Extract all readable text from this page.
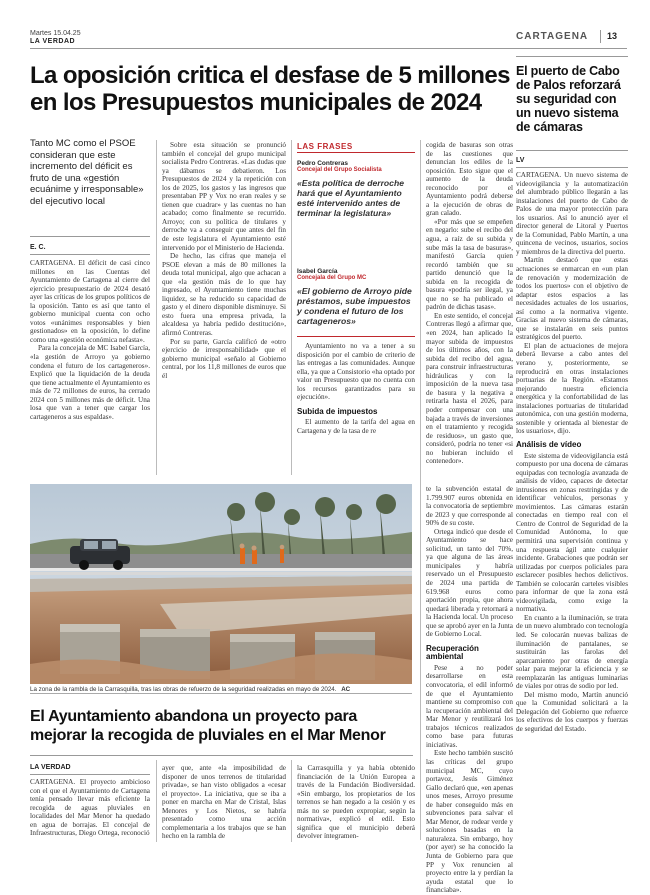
Martes 15.04.25
LA VERDAD	CARTAGENA 13
La oposición critica el desfase de 5 millones en los Presupuestos municipales de 2024
Tanto MC como el PSOE consideran que este incremento del déficit es fruto de una «gestión ecuánime y irresponsable» del ejecutivo local
E. C.

CARTAGENA. El déficit de casi cinco millones en las Cuentas del Ayuntamiento de Cartagena al cierre del ejercicio presupuestario de 2024 desató ayer las críticas de los grupos políticos de la oposición. Tanto es así que tanto el gobierno municipal cuenta con ocho votos «unánimes responsables y bien gestionados» en la oposición, lo define como una «gestión económica nefasta».

Para la concejala de MC Isabel García, «la gestión de Arroyo ya gobierno condena el futuro de los cartageneros». Explicó que la liquidación de la deuda que tiene actualmente el Ayuntamiento es más de 72 millones de euros, ha cerrado 2024 con 5 millones más de déficit. Una losa que van a tener que cargar los cartageneros a sus espaldas».

Sobre esta situación se pronunció también el concejal del grupo municipal socialista Pedro Contreras. «Las dudas que ya dábamos se debatieron. Los Presupuestos de 2024 y la repetición con los de 2025, los gastos y las ingresos que presentaban PP y Vox no eran reales y se tienen que cuadrar» y las cuentas no han acabado; como finalmente se recurrido. Arroyo; con su política de titulares y derroche va a conseguir que antes del fin de este legislatura el Ayuntamiento esté intervenido por el Ministerio de Hacienda.

De hecho, las cifras que maneja el PSOE elevan a más de 80 millones la deuda total municipal, algo que achacan a que «la gestión más de lo que hay ingresado, el Ayuntamiento tiene muchas liquidez, se ha reducido su capacidad de gasto y el dinero disponible disminuye. Si esto fuera una empresa privada, la alcaldesa ya habría pedido destitución», afirmó Contreras.

Por su parte, García calificó de «otro ejercicio de irresponsabilidad» que el gobierno municipal «señalo al Gobierno central, por los 11,8 millones de euros que él

LAS FRASES
Pedro Contreras
Concejal del Grupo Socialista
«Esta política de derroche hará que el Ayuntamiento esté intervenido antes de terminar la legislatura»
Isabel García
Concejala del Grupo MC
«El gobierno de Arroyo pide préstamos, sube impuestos y condena el futuro de los cartageneros»

Ayuntamiento no va a tener a su disposición por el cambio de criterio de las entregas a las comunidades. Aunque ella, ya que a Consistorio «ha optado por valor un Presupuesto que no cuenta con los recursos garantizados para su ejecución».

Subida de impuestos

El aumento de la tarifa del agua en Cartagena y de la tasa de re

cogida de basuras son otras de las cuestiones que denuncian los ediles de la oposición. Esto sigue que el aumento de la deuda reconocido por el Ayuntamiento podrá deberse a la ejecución de obras de gran calado.

«Por más que se empeñen en negarlo: sube el recibo del agua, a raíz de su subida y sube más la tasa de basuras», manifestó García quien recordó también que su partido denunció que la subida en la recogida de basura «podría ser ilegal, ya que no se ha publicado el padrón de dichas tasas».

En este sentido, el concejal Contreras llegó a afirmar que, «en 2024, han aplicado la mayor subida de impuestos de los últimos años, con la subida del recibo del agua, para construir infraestructuras hidráulicas y con la imposición de la nueva tasa de basura y la negativa a retirarla hasta el 2026, para poder compensar con una bajada a través de inversiones en el tratamiento y recogida de residuos», un gasto que, consideró, podría no tener «si no hubieran incluido el contenedor».

te la subvención estatal de 1.799.907 euros obtenida en la convocatoria de septiembre de 2023 y que corresponde al 90% de su coste.

Ortega indicó que desde el Ayuntamiento se hace solicitud, un tanto del 70%, ya que alguna de las áreas municipales y habría reservado un el Presupuesto de 2024 una partida de 619.968 euros como aportación propia, que ahora quedará liberada y retornará a la Hacienda local. Un proceso que se aprobó ayer en la Junta de Gobierno Local.

Recuperación ambiental

Pese a no poder desarrollarse en esta convocatoria, el edil informó de que el Ayuntamiento mantiene su compromiso con la recuperación ambiental del Mar Menor y reutilizará los trabajos técnicos realizados como base para futuras iniciativas.

Este hecho también suscitó las críticas del grupo municipal MC, cuyo portavoz, Jesús Giménez Gallo declaró que, «en apenas unos meses, Arroyo presume de haber conseguido más en subvenciones para salvar el Mar Menor, de rodear verde y soluciones basadas en la naturaleza. Sin embargo, hoy (por ayer) se ha conocido la Junta de Gobierno para que PP y Vox renuncien al proyecto entre la y perdían la ayuda estatal que lo financiaba».

La zona de la rambla de la Carrasquilla, tras las obras de refuerzo de la seguridad realizadas en mayo de 2024. AC
El Ayuntamiento abandona un proyecto para mejorar la recogida de pluviales en el Mar Menor
LA VERDAD

CARTAGENA. El proyecto ambicioso con el que el Ayuntamiento de Cartagena tenía pensado llevar más eficiente la recogida de aguas pluviales en localidades del Mar Menor ha quedado en agua de borrajas. El concejal de Infraestructuras, Diego Ortega, reconoció

ayer que, ante «la imposibilidad de disponer de unos terrenos de titularidad privada», se han visto obligados a «cesar el proyecto». La iniciativa, que se iba a poner en marcha en Mar de Cristal, Islas Menores y Los Nietos, se habría presentado como una acción complementaria a los trabajos que se han hecho en la rambla de

la Carrasquilla y ya había obtenido financiación de la Unión Europea a través de la Fundación Biodiversidad. «Sin embargo, los propietarios de los terrenos se han negado a la cesión y es más no se pueden expropiar, según la normativa», explicó el edil. Esto significa que el municipio deberá devolver íntegramen-

El puerto de Cabo de Palos reforzará su seguridad con un nuevo sistema de cámaras
LV

CARTAGENA. Un nuevo sistema de videovigilancia y la automatización del alumbrado público llegarán a las instalaciones del puerto de Cabo de Palos de una mayor protección para los usuarios. Así lo anunció ayer el director general de Litoral y Puertos de la Comunidad, Pablo Martín, a una quincena de vecinos, usuarios, socios y miembros de la directiva del puerto.

Martín destacó que estas actuaciones se enmarcan en «un plan de renovación y modernización de todos los puertos» con el objetivo de adaptar estos espacios a las necesidades actuales de los usuarios, así como a la normativa vigente. Gracias al nuevo sistema de cámaras, que se instalarán en seis puntos estratégicos del puerto.

El plan de actuaciones de mejora deberá llevarse a cabo antes del verano y, posteriormente, se reproducirá en otras instalaciones portuarias de la Región. «Estamos mejorando nuestra eficiencia energética y la confortabilidad de las instalaciones portuarias de titularidad autonómica, con una gestión moderna, sostenible y orientada al bienestar de los usuarios», dijo.

Análisis de vídeo

Este sistema de videovigilancia está compuesto por una docena de cámaras equipadas con tecnología avanzada de análisis de vídeo, capaces de detectar intrusiones en zonas restringidas y de identificar vehículos, personas y movimientos. Las cámaras estarán conectadas en tiempo real con el Centro de Control de Seguridad de la Comunidad Autónoma, lo que permitirá una supervisión continua y una respuesta ágil ante cualquier incidente. Grabaciones que podrán ser utilizadas por cuerpos policiales para esclarecer posibles hechos delictivos. También se colocarán carteles visibles para informar de que la zona está videovigilada, como exige la normativa.

En cuanto a la iluminación, se trata de un nuevo alumbrado con tecnología led. Se colocarán nuevas balizas de iluminación de pantalanes, se sustituirán las farolas del aparcamiento por otras de energía solar para mejorar la eficiencia y se reemplazarán las antiguas luminarias de viales por otras de sodio por led.

Del mismo modo, Martín anunció que la Comunidad solicitará a la Delegación del Gobierno que refuerce los efectivos de los cuerpos y fuerzas de seguridad del Estado.
